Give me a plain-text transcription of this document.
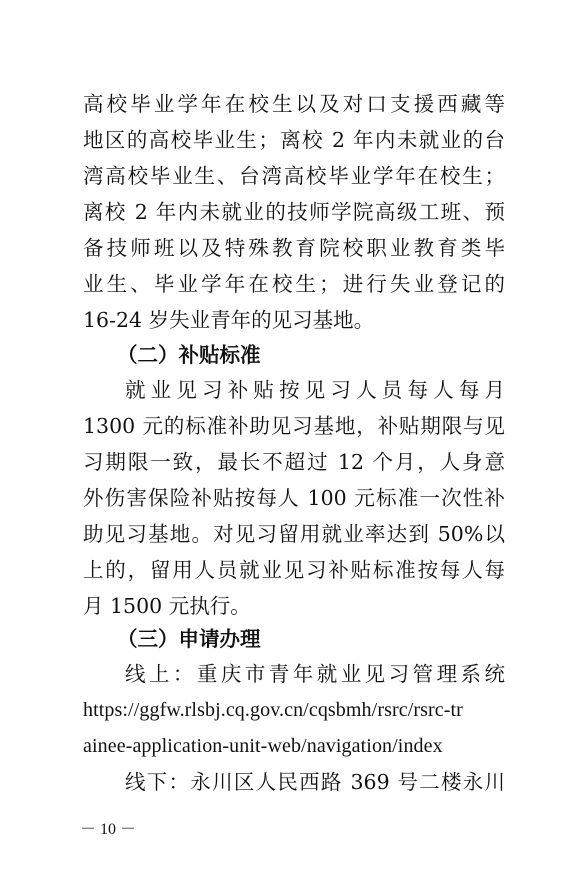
高校毕业学年在校生以及对口支援西藏等
地区的高校毕业生；离校 2 年内未就业的台
湾高校毕业生、台湾高校毕业学年在校生；
离校 2 年内未就业的技师学院高级工班、预
备技师班以及特殊教育院校职业教育类毕
业生、毕业学年在校生；进行失业登记的
16-24 岁失业青年的见习基地。
（二）补贴标准
就业见习补贴按见习人员每人每月
1300 元的标准补助见习基地，补贴期限与见
习期限一致，最长不超过 12 个月，人身意
外伤害保险补贴按每人 100 元标准一次性补
助见习基地。对见习留用就业率达到 50%以
上的，留用人员就业见习补贴标准按每人每
月 1500 元执行。
（三）申请办理
线上：重庆市青年就业见习管理系统
https://ggfw.rlsbj.cq.gov.cn/cqsbmh/rsrc/rsrc-tr
ainee-application-unit-web/navigation/index
线下：永川区人民西路 369 号二楼永川
－ 10 －
